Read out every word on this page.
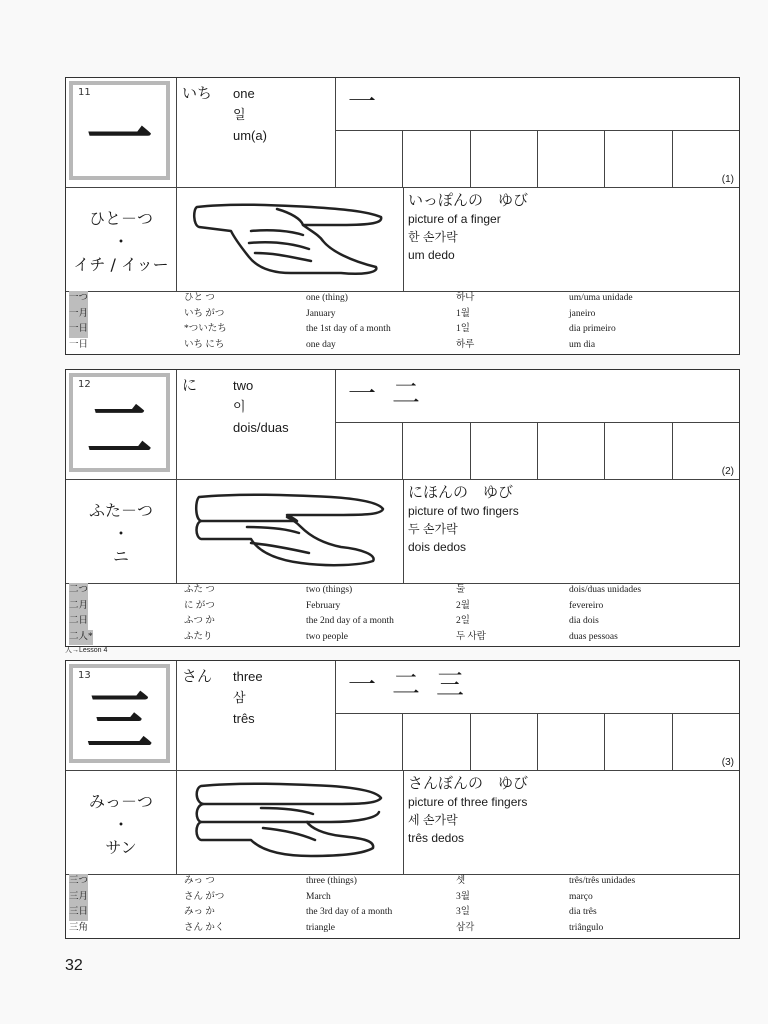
11
一
いち one
일
um(a)
一
(1)
ひと－つ
・
イチ / イッー
いっぽんの　ゆび
picture of a finger
한 손가락
um dedo
一つ	ひと つ	one (thing)	하나	um/uma unidade
一月	いち がつ	January	1월	janeiro
一日	*ついたち	the 1st day of a month	1일	dia primeiro
一日	いち にち	one day	하루	um dia
12
二
に	two
이
dois/duas
一二
(2)
ふた－つ
・
ニ
にほんの　ゆび
picture of two fingers
두 손가락
dois dedos
二つ	ふた つ	two (things)	둘	dois/duas unidades
二月	に がつ	February	2월	fevereiro
二日	ふつ か	the 2nd day of a month	2일	dia dois
二人*	ふたり	two people	두 사람	duas pessoas
人→Lesson 4
13
三
さん three
삼
três
一二三
(3)
みっ－つ
・
サン
さんぼんの　ゆび
picture of three fingers
세 손가락
três dedos
三つ	みっ つ	three (things)	셋	três/três unidades
三月	さん がつ	March	3월	março
三日	みっ か	the 3rd day of a month	3일	dia três
三角	さん かく	triangle	삼각	triângulo
32
